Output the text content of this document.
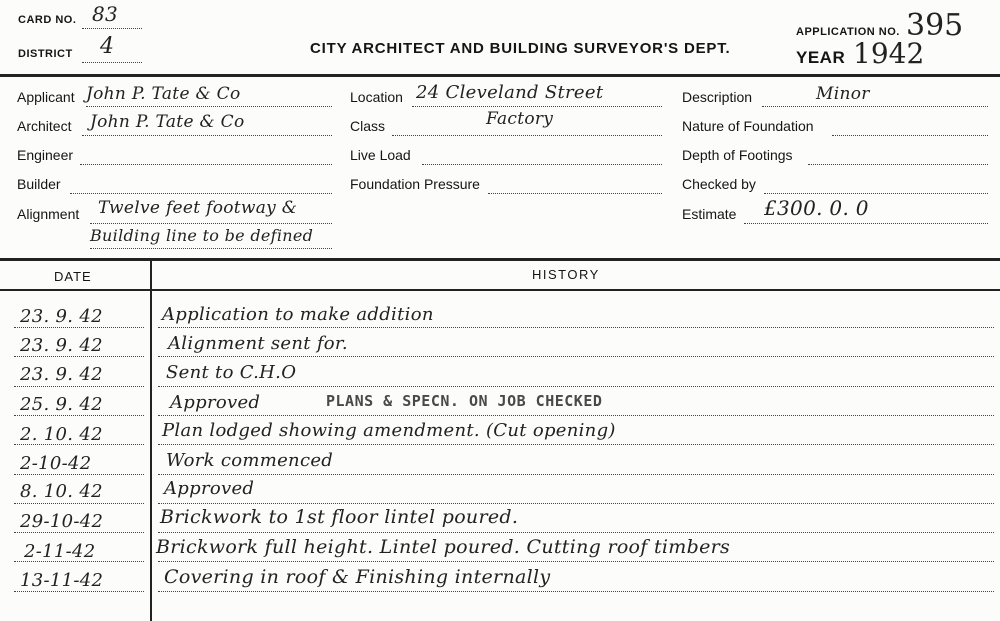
CARD NO. 83
DISTRICT 4	CITY ARCHITECT AND BUILDING SURVEYOR'S DEPT.
APPLICATION NO. 395
YEAR 1942
Applicant John P. Tate & Co
Architect John P. Tate & Co
Engineer
Builder
Alignment Twelve feet footway &
Building line to be defined
Location 24 Cleveland Street
Class	Factory
Live Load
Foundation Pressure
Description	Minor
Nature of Foundation
Depth of Footings
Checked by
Estimate £300. 0. 0
DATE	HISTORY
23. 9. 42	Application to make addition
23. 9. 42	Alignment sent for.
23. 9. 42	Sent to C.H.O
25. 9. 42	Approved	PLANS & SPECN. ON JOB CHECKED
2. 10. 42	Plan lodged showing amendment. (Cut opening)
2-10-42	Work commenced
8. 10. 42	Approved
29-10-42	Brickwork to 1st floor lintel poured.
2-11-42	Brickwork full height. Lintel poured. Cutting roof timbers
13-11-42	Covering in roof & Finishing internally
